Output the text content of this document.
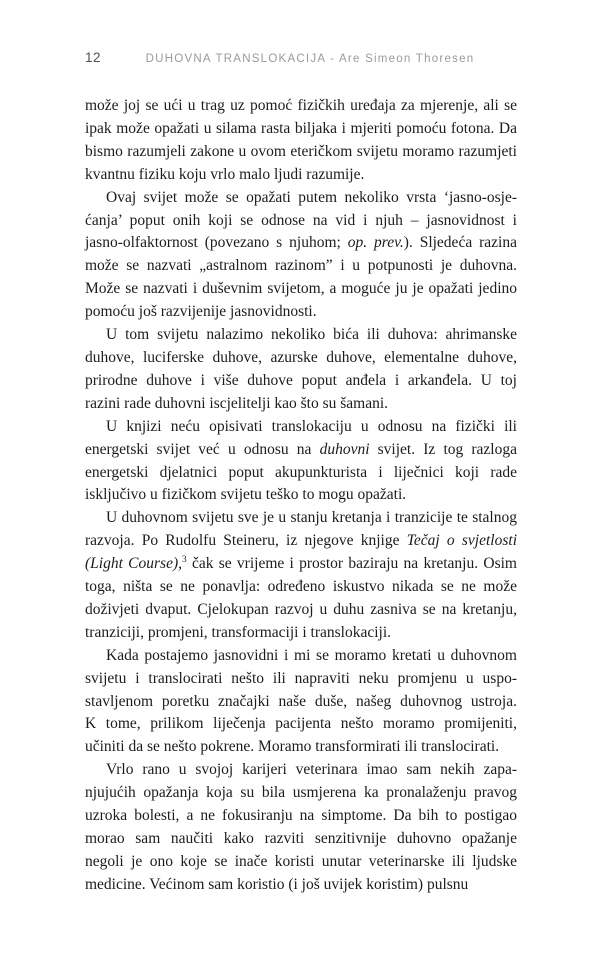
12	DUHOVNA TRANSLOKACIJA - Are Simeon Thoresen
može joj se ući u trag uz pomoć fizičkih uređaja za mjerenje, ali se
ipak može opažati u silama rasta biljaka i mjeriti pomoću fotona. Da
bismo razumjeli zakone u ovom eteričkom svijetu moramo razumjeti
kvantnu fiziku koju vrlo malo ljudi razumije.
Ovaj svijet može se opažati putem nekoliko vrsta ‘jasno-osje-
ćanja’ poput onih koji se odnose na vid i njuh – jasnovidnost i
jasno-olfaktornost (povezano s njuhom; op. prev.). Sljedeća razina
može se nazvati „astralnom razinom” i u potpunosti je duhovna.
Može se nazvati i duševnim svijetom, a moguće ju je opažati jedino
pomoću još razvijenije jasnovidnosti.
U tom svijetu nalazimo nekoliko bića ili duhova: ahrimanske
duhove, luciferske duhove, azurske duhove, elementalne duhove,
prirodne duhove i više duhove poput anđela i arkanđela. U toj
razini rade duhovni iscjelitelji kao što su šamani.
U knjizi neću opisivati translokaciju u odnosu na fizički ili
energetski svijet već u odnosu na duhovni svijet. Iz tog razloga
energetski djelatnici poput akupunkturista i liječnici koji rade
isključivo u fizičkom svijetu teško to mogu opažati.
U duhovnom svijetu sve je u stanju kretanja i tranzicije te stalnog
razvoja. Po Rudolfu Steineru, iz njegove knjige Tečaj o svjetlosti
(Light Course),$^3$ čak se vrijeme i prostor baziraju na kretanju. Osim
toga, ništa se ne ponavlja: određeno iskustvo nikada se ne može
doživjeti dvaput. Cjelokupan razvoj u duhu zasniva se na kretanju,
tranziciji, promjeni, transformaciji i translokaciji.
Kada postajemo jasnovidni i mi se moramo kretati u duhovnom
svijetu i translocirati nešto ili napraviti neku promjenu u uspo-
stavljenom poretku značajki naše duše, našeg duhovnog ustroja.
K tome, prilikom liječenja pacijenta nešto moramo promijeniti,
učiniti da se nešto pokrene. Moramo transformirati ili translocirati.
Vrlo rano u svojoj karijeri veterinara imao sam nekih zapa-
njujućih opažanja koja su bila usmjerena ka pronalaženju pravog
uzroka bolesti, a ne fokusiranju na simptome. Da bih to postigao
morao sam naučiti kako razviti senzitivnije duhovno opažanje
negoli je ono koje se inače koristi unutar veterinarske ili ljudske
medicine. Većinom sam koristio (i još uvijek koristim) pulsnu
